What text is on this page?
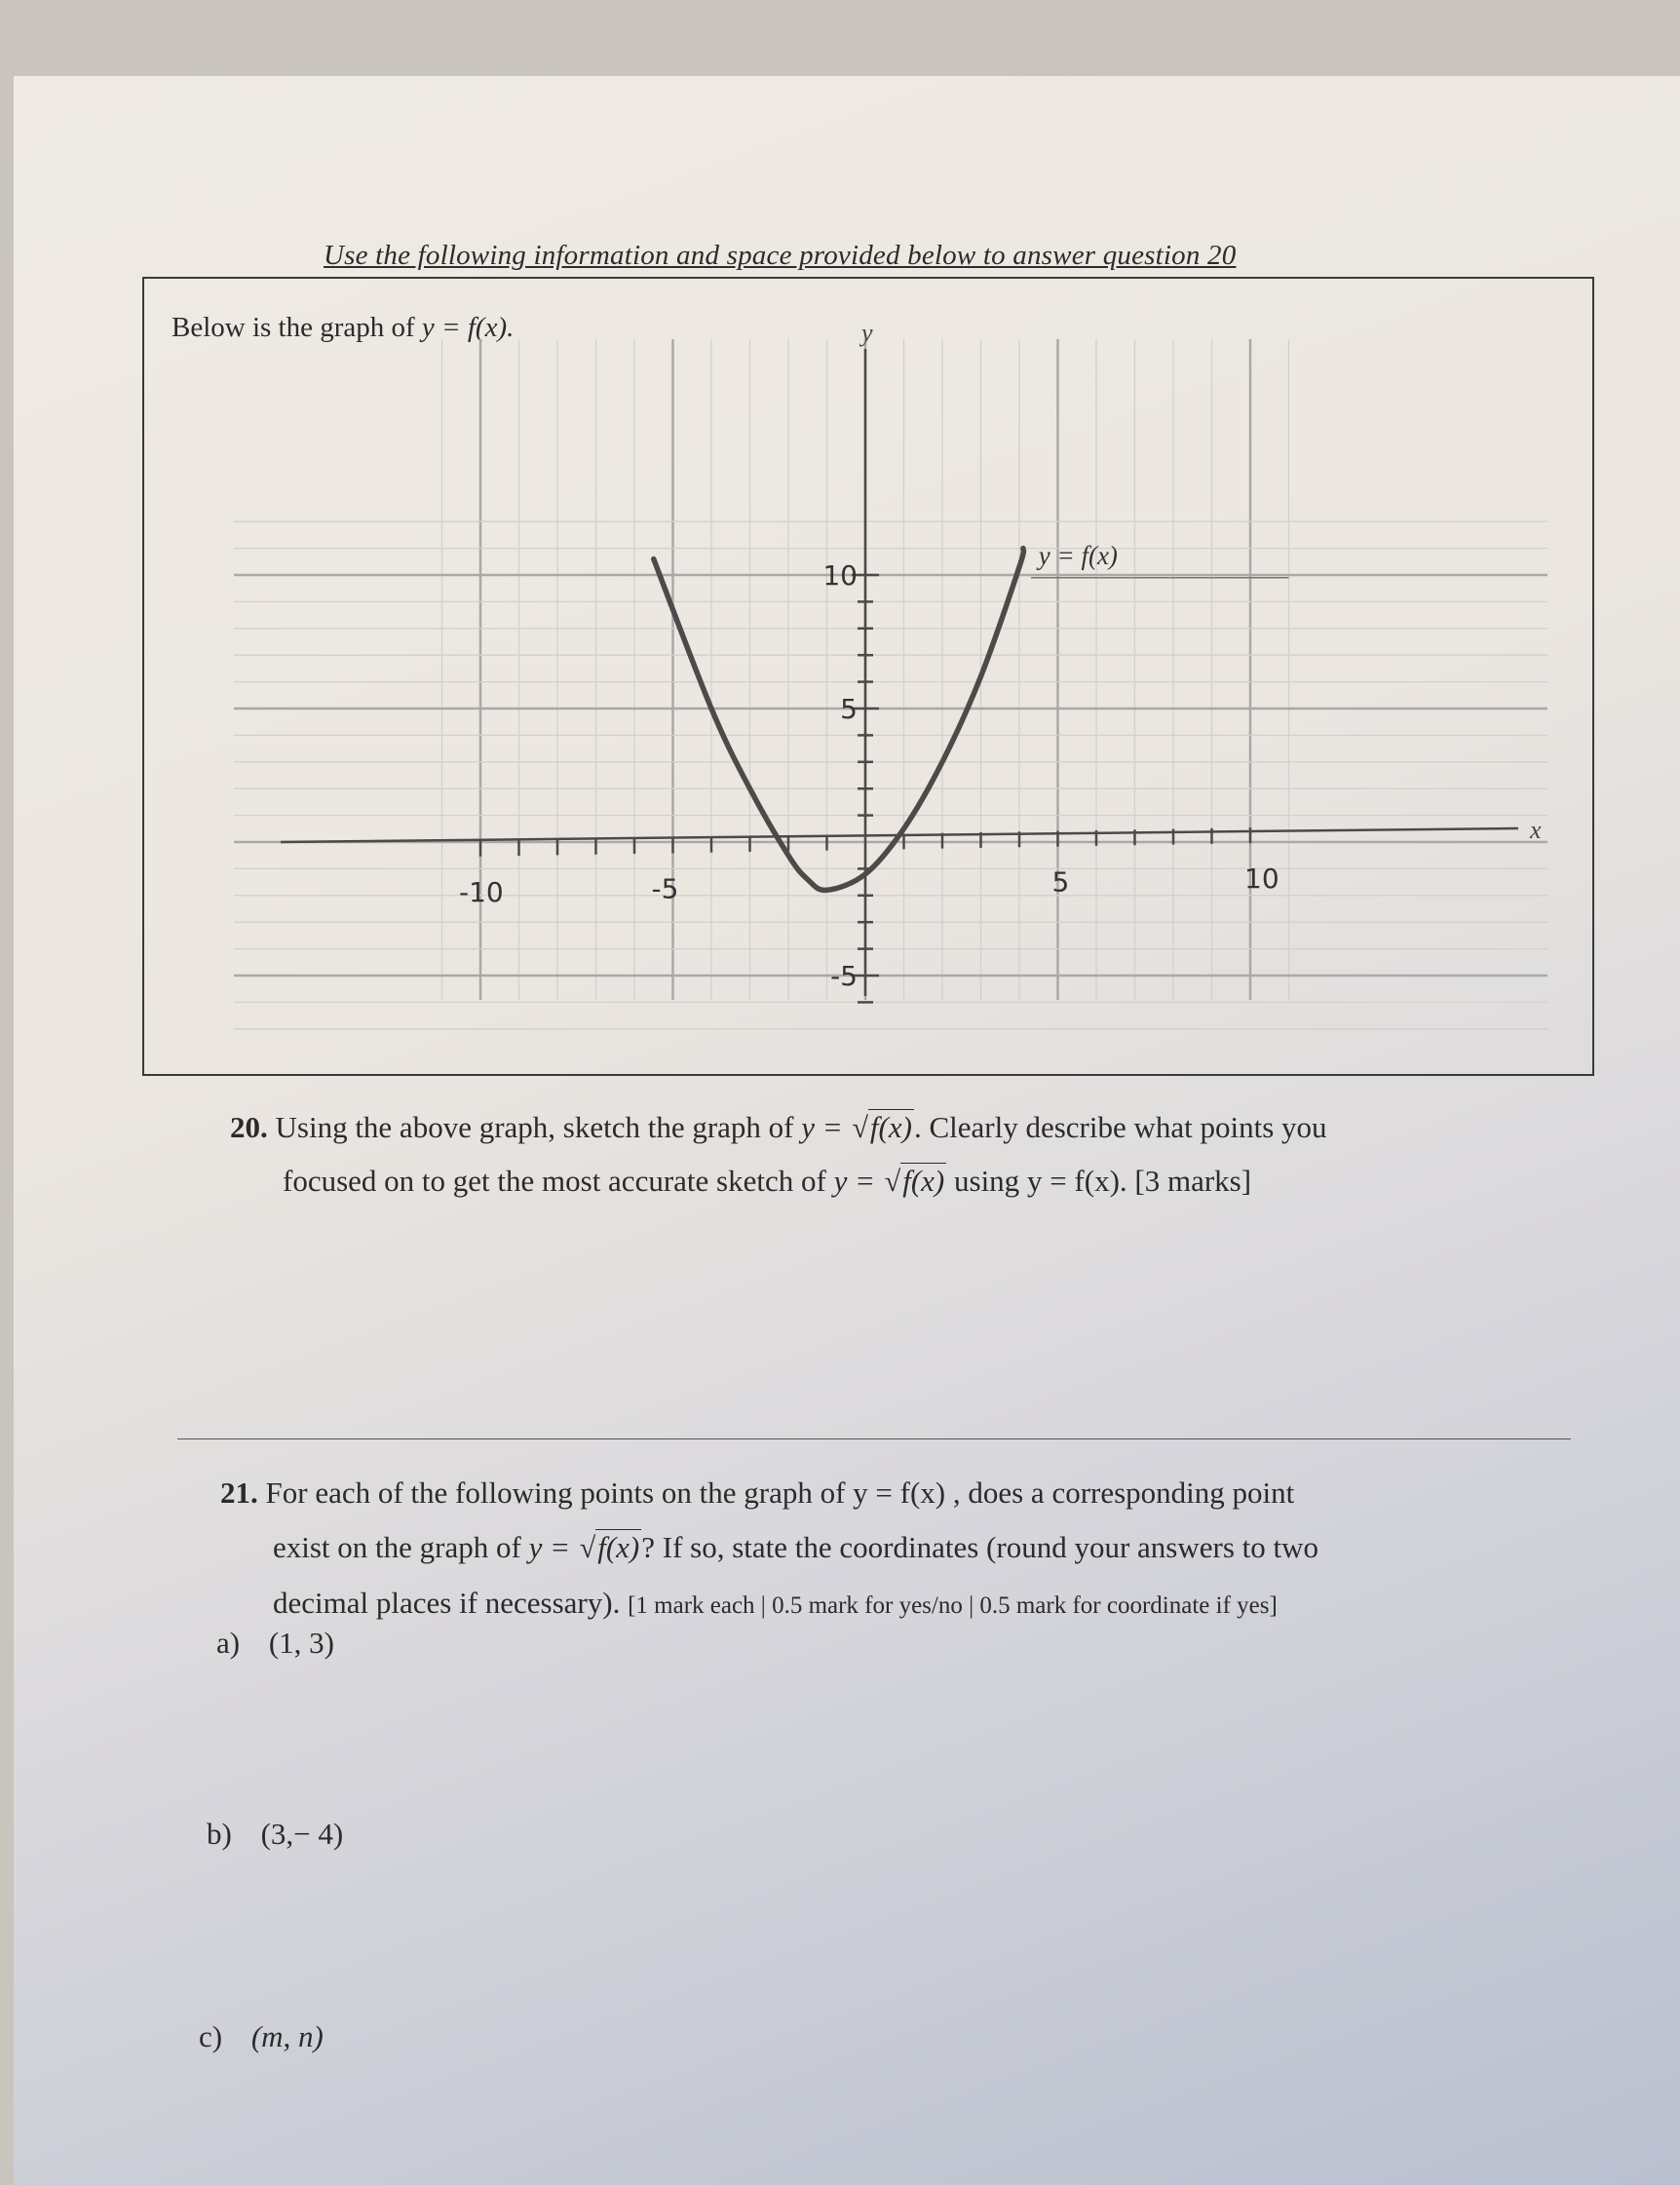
Use the following information and space provided below to answer question 20
Below is the graph of y = f(x).
y = f(x)
-10	-5	5	10
10
5
-5
x
y
20. Using the above graph, sketch the graph of y = √f(x). Clearly describe what points you
focused on to get the most accurate sketch of y = √f(x) using y = f(x). [3 marks]
21. For each of the following points on the graph of y = f(x) , does a corresponding point
exist on the graph of y = √f(x)? If so, state the coordinates (round your answers to two
decimal places if necessary). [1 mark each | 0.5 mark for yes/no | 0.5 mark for coordinate if yes]
a) (1, 3)
b) (3,− 4)
c) (m, n)
